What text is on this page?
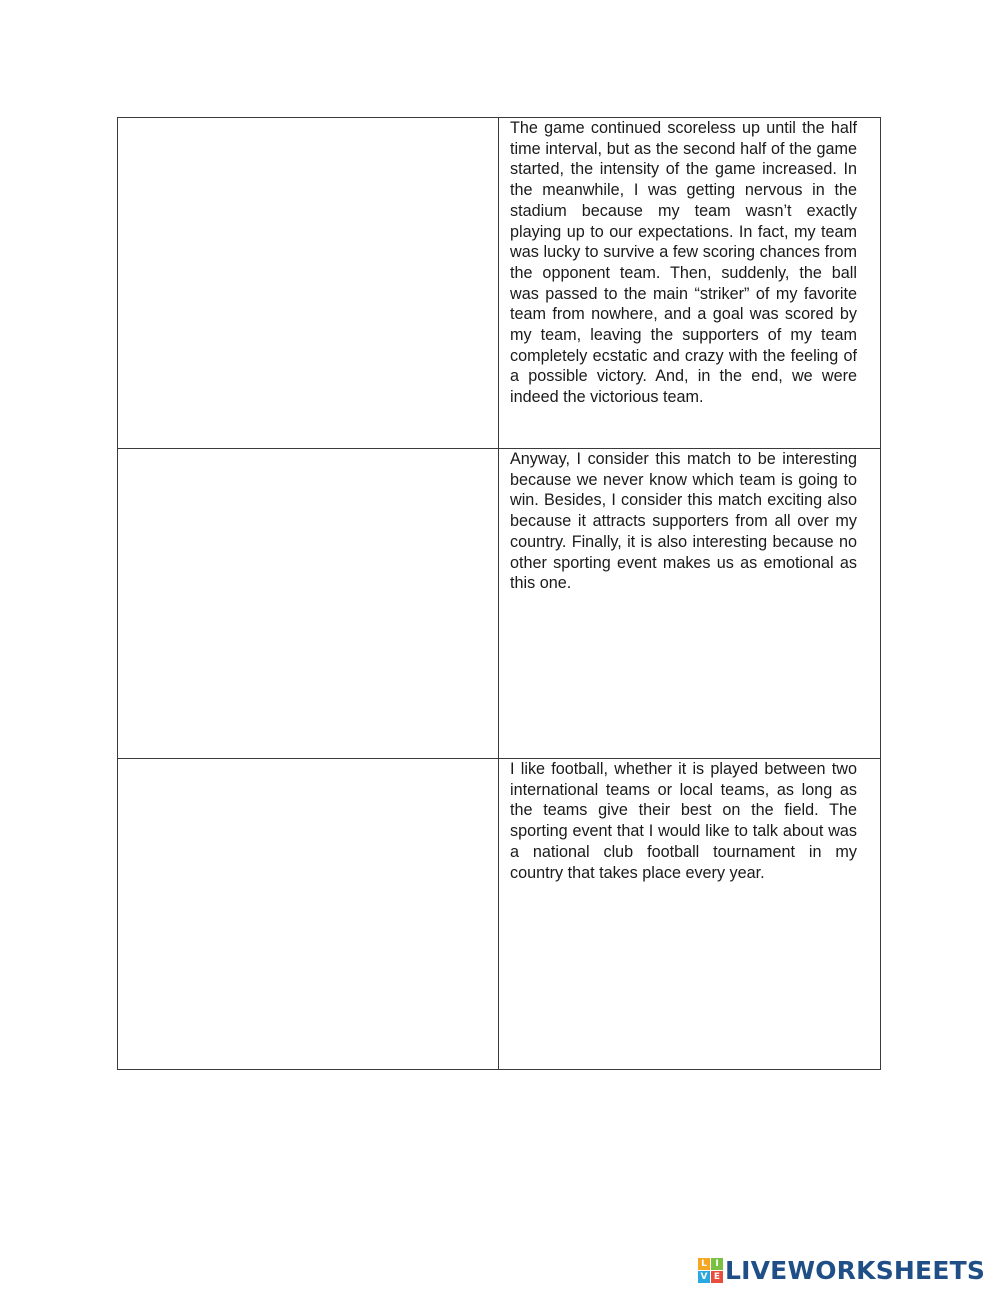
	The game continued scoreless up until the half time interval, but as the second half of the game started, the intensity of the game increased. In the meanwhile, I was getting nervous in the stadium because my team wasn’t exactly playing up to our expectations. In fact, my team was lucky to survive a few scoring chances from the opponent team. Then, suddenly, the ball was passed to the main “striker” of my favorite team from nowhere, and a goal was scored by my team, leaving the supporters of my team completely ecstatic and crazy with the feeling of a possible victory. And, in the end, we were indeed the victorious team.

	Anyway, I consider this match to be interesting because we never know which team is going to win. Besides, I consider this match exciting also because it attracts supporters from all over my country. Finally, it is also interesting because no other sporting event makes us as emotional as this one.

	I like football, whether it is played between two international teams or local teams, as long as the teams give their best on the field. The sporting event that I would like to talk about was a national club football tournament in my country that takes place every year.

L I
V E LIVEWORKSHEETS
